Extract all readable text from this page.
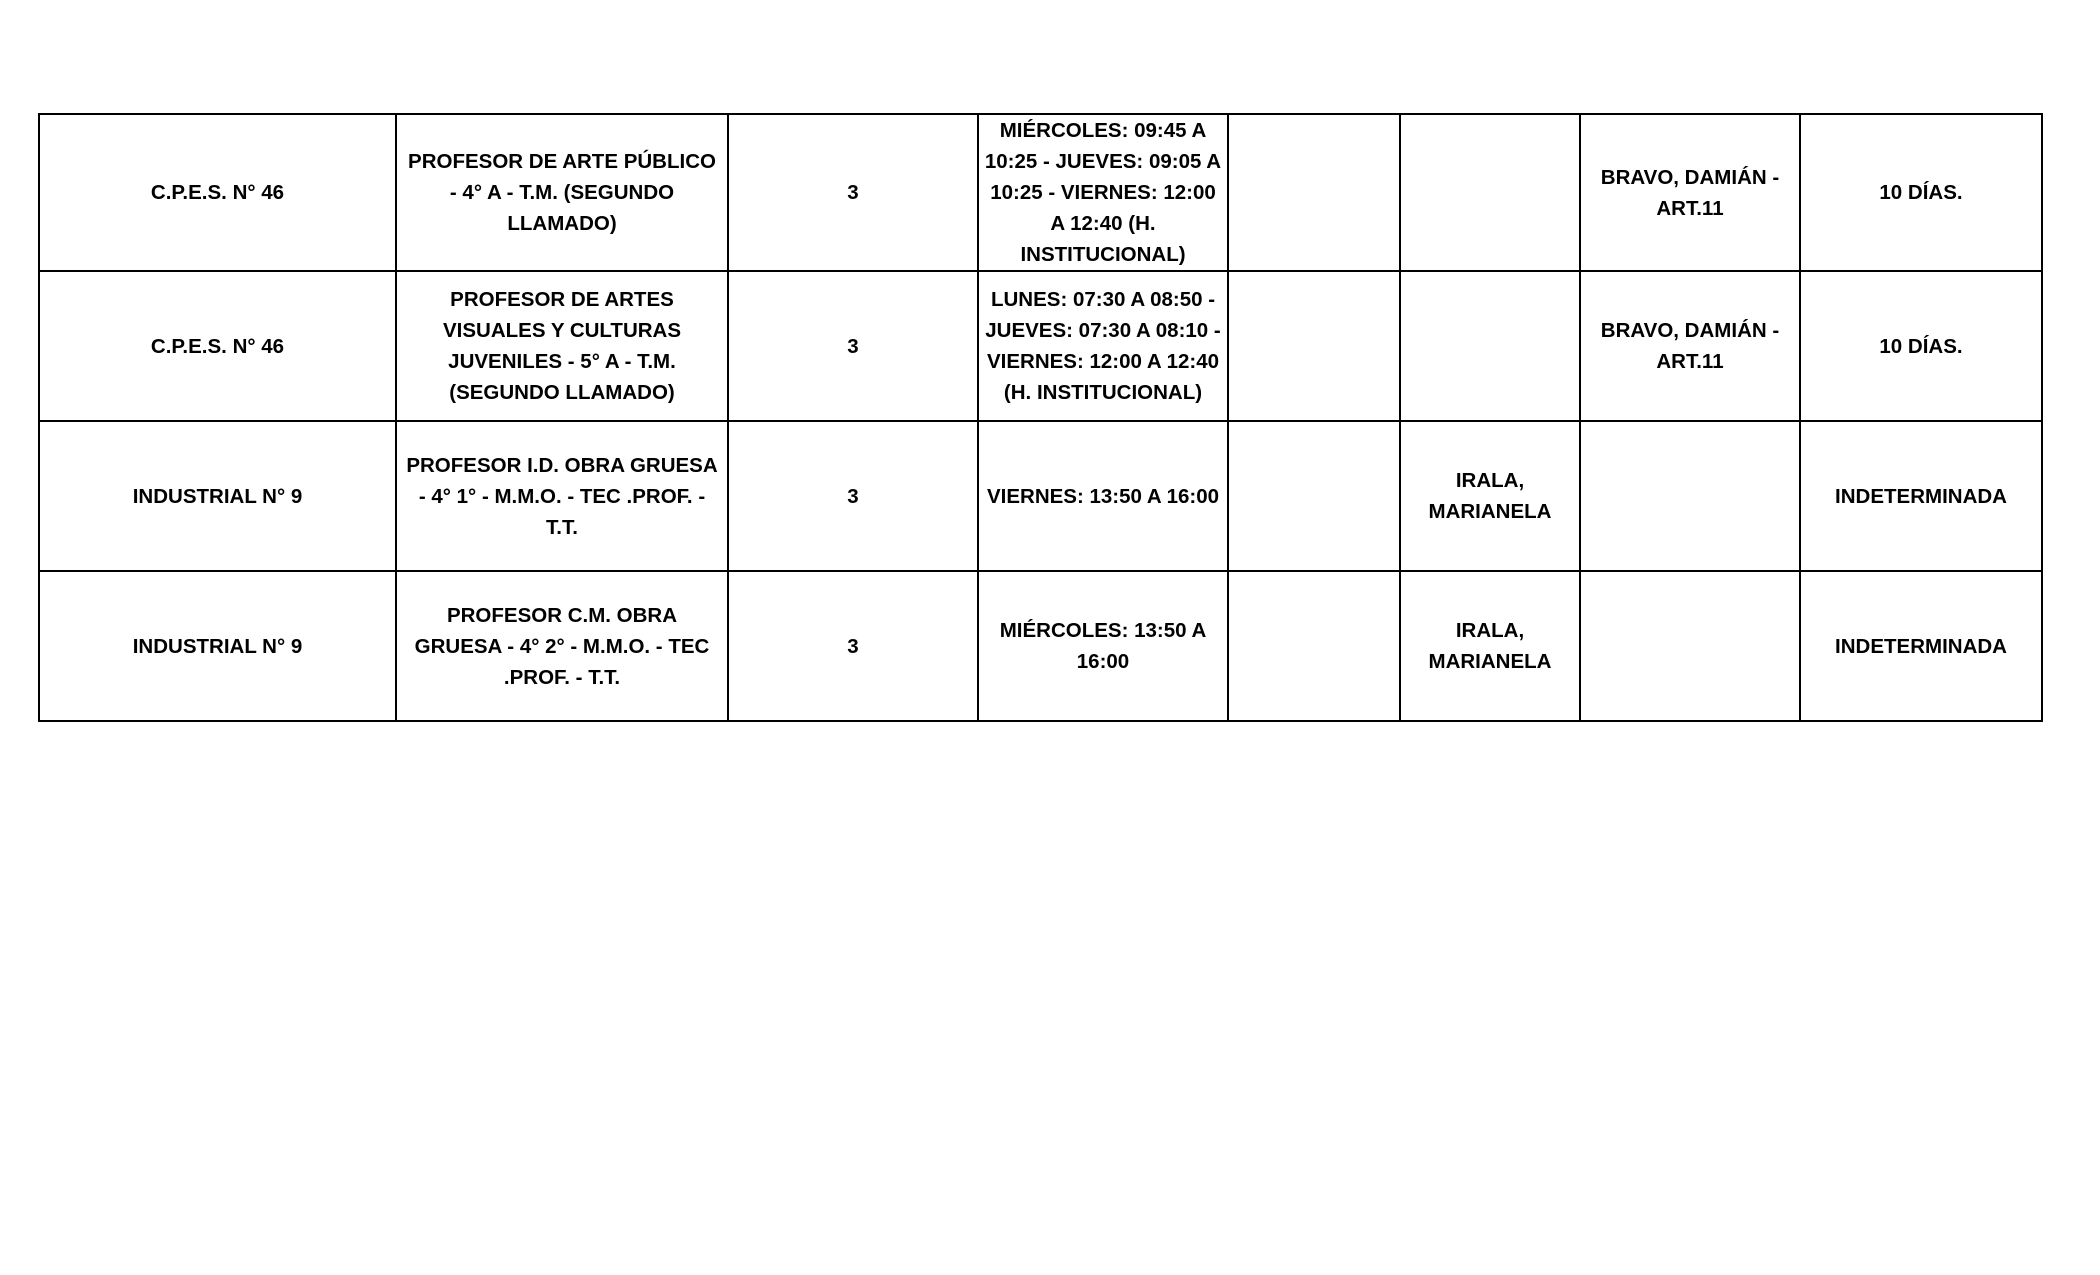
C.P.E.S. N° 46	PROFESOR DE ARTE PÚBLICO - 4° A - T.M. (SEGUNDO LLAMADO)	3	MIÉRCOLES: 09:45 A 10:25 - JUEVES: 09:05 A 10:25 - VIERNES: 12:00 A 12:40 (H. INSTITUCIONAL)			BRAVO, DAMIÁN - ART.11	10 DÍAS.
C.P.E.S. N° 46	PROFESOR DE ARTES VISUALES Y CULTURAS JUVENILES - 5° A - T.M. (SEGUNDO LLAMADO)	3	LUNES: 07:30 A 08:50 - JUEVES: 07:30 A 08:10 - VIERNES: 12:00 A 12:40 (H. INSTITUCIONAL)			BRAVO, DAMIÁN - ART.11	10 DÍAS.
INDUSTRIAL N° 9	PROFESOR I.D. OBRA GRUESA - 4° 1° - M.M.O. - TEC .PROF. - T.T.	3	VIERNES: 13:50 A 16:00		IRALA, MARIANELA		INDETERMINADA
INDUSTRIAL N° 9	PROFESOR C.M. OBRA GRUESA - 4° 2° - M.M.O. - TEC .PROF. - T.T.	3	MIÉRCOLES: 13:50 A 16:00		IRALA, MARIANELA		INDETERMINADA
